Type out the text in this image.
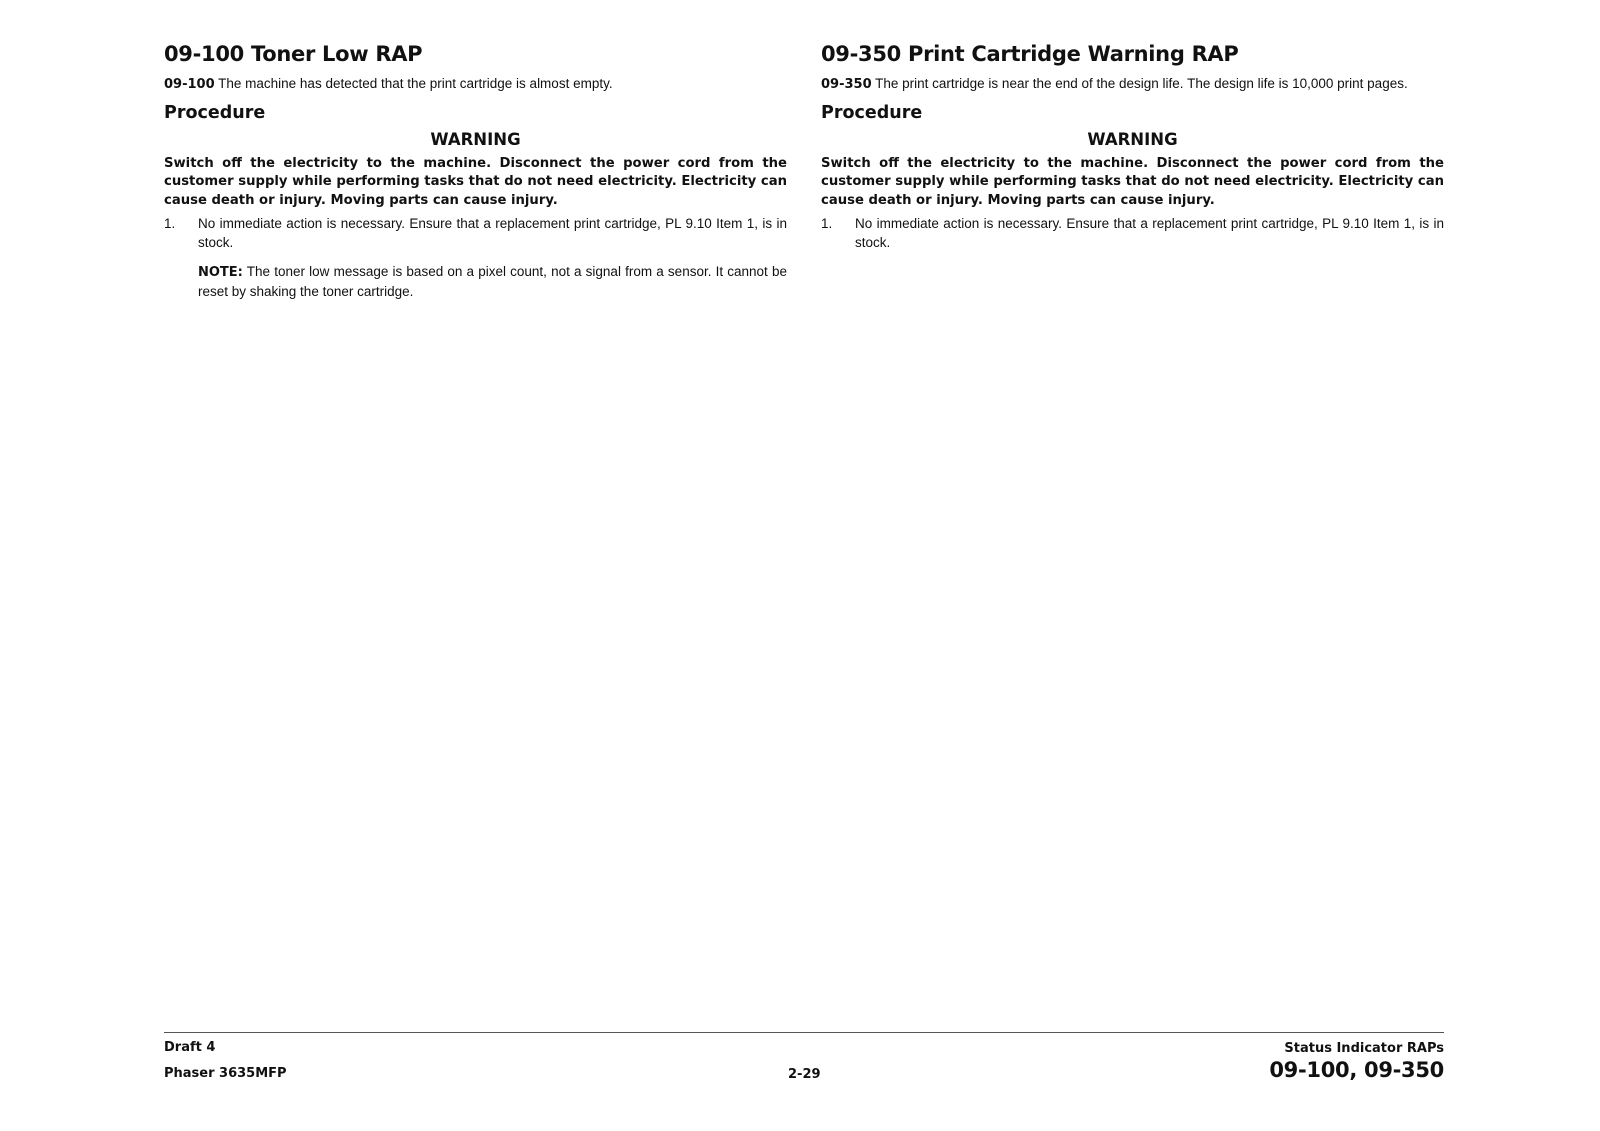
09-100 Toner Low RAP

09-100 The machine has detected that the print cartridge is almost empty.

Procedure
WARNING

Switch off the electricity to the machine. Disconnect the power cord from the customer supply while performing tasks that do not need electricity. Electricity can cause death or injury. Moving parts can cause injury.

1.	No immediate action is necessary. Ensure that a replacement print cartridge, PL 9.10 Item 1, is in stock.

NOTE: The toner low message is based on a pixel count, not a signal from a sensor. It cannot be reset by shaking the toner cartridge.

09-350 Print Cartridge Warning RAP

09-350 The print cartridge is near the end of the design life. The design life is 10,000 print pages.

Procedure
WARNING

Switch off the electricity to the machine. Disconnect the power cord from the customer supply while performing tasks that do not need electricity. Electricity can cause death or injury. Moving parts can cause injury.

1.	No immediate action is necessary. Ensure that a replacement print cartridge, PL 9.10 Item 1, is in stock.
Draft 4
Phaser 3635MFP	2-29
Status Indicator RAPs
09-100, 09-350
